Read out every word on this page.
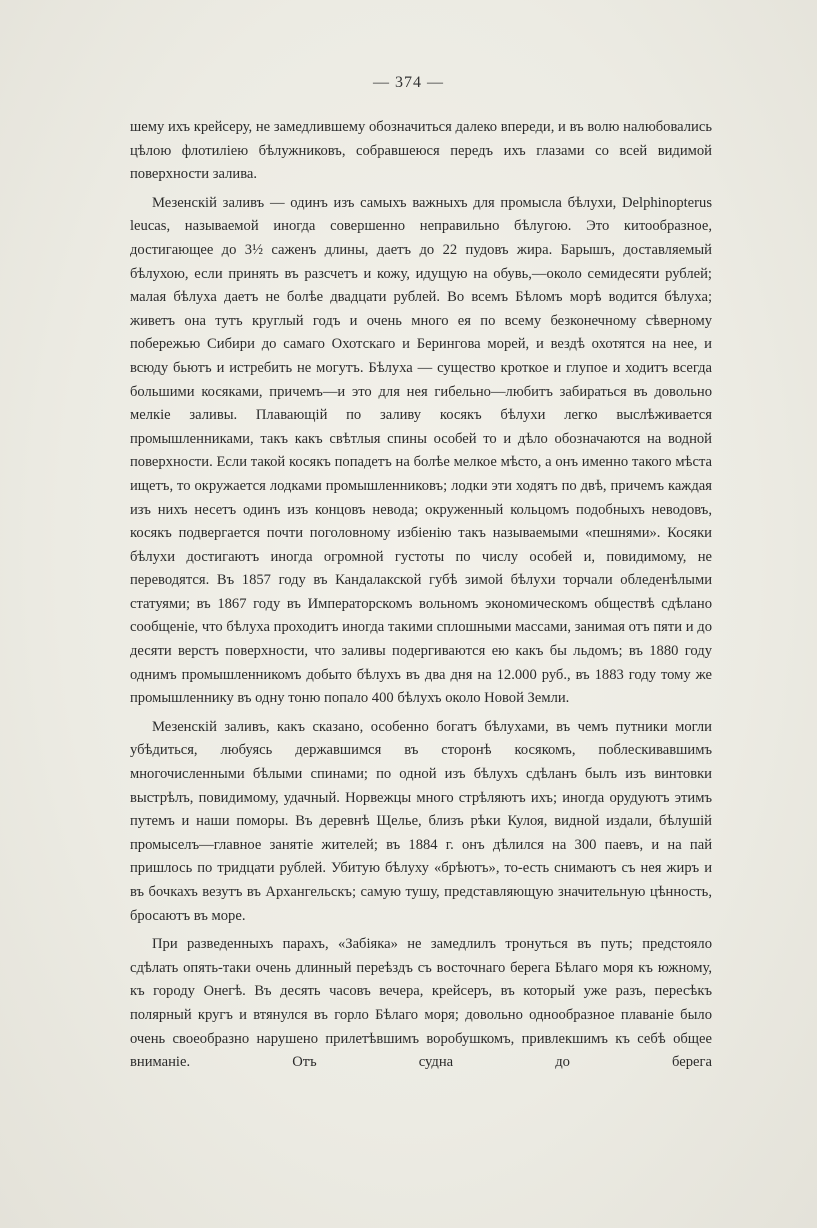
— 374 —

шему ихъ крейсеру, не замедлившему обозначиться далеко впереди, и въ волю налюбовались цѣлою флотиліею бѣлужниковъ, собравшеюся передъ ихъ глазами со всей видимой поверхности залива.

Мезенскій заливъ — одинъ изъ самыхъ важныхъ для промысла бѣлухи, Delphinopterus leucas, называемой иногда совершенно неправильно бѣлугою. Это китообразное, достигающее до 3½ саженъ длины, даетъ до 22 пудовъ жира. Барышъ, доставляемый бѣлухою, если принять въ разсчетъ и кожу, идущую на обувь,—около семидесяти рублей; малая бѣлуха даетъ не болѣе двадцати рублей. Во всемъ Бѣломъ морѣ водится бѣлуха; живетъ она тутъ круглый годъ и очень много ея по всему безконечному сѣверному побережью Сибири до самаго Охотскаго и Берингова морей, и вездѣ охотятся на нее, и всюду бьютъ и истребить не могутъ. Бѣлуха — существо кроткое и глупое и ходитъ всегда большими косяками, причемъ—и это для нея гибельно—любитъ забираться въ довольно мелкіе заливы. Плавающій по заливу косякъ бѣлухи легко выслѣживается промышленниками, такъ какъ свѣтлыя спины особей то и дѣло обозначаются на водной поверхности. Если такой косякъ попадетъ на болѣе мелкое мѣсто, а онъ именно такого мѣста ищетъ, то окружается лодками промышленниковъ; лодки эти ходятъ по двѣ, причемъ каждая изъ нихъ несетъ одинъ изъ концовъ невода; окруженный кольцомъ подобныхъ неводовъ, косякъ подвергается почти поголовному избіенію такъ называемыми «пешнями». Косяки бѣлухи достигаютъ иногда огромной густоты по числу особей и, повидимому, не переводятся. Въ 1857 году въ Кандалакской губѣ зимой бѣлухи торчали обледенѣлыми статуями; въ 1867 году въ Императорскомъ вольномъ экономическомъ обществѣ сдѣлано сообщеніе, что бѣлуха проходитъ иногда такими сплошными массами, занимая отъ пяти и до десяти верстъ поверхности, что заливы подергиваются ею какъ бы льдомъ; въ 1880 году однимъ промышленникомъ добыто бѣлухъ въ два дня на 12.000 руб., въ 1883 году тому же промышленнику въ одну тоню попало 400 бѣлухъ около Новой Земли.

Мезенскій заливъ, какъ сказано, особенно богатъ бѣлухами, въ чемъ путники могли убѣдиться, любуясь державшимся въ сторонѣ косякомъ, поблескивавшимъ многочисленными бѣлыми спинами; по одной изъ бѣлухъ сдѣланъ былъ изъ винтовки выстрѣлъ, повидимому, удачный. Норвежцы много стрѣляютъ ихъ; иногда орудуютъ этимъ путемъ и наши поморы. Въ деревнѣ Щелье, близъ рѣки Кулоя, видной издали, бѣлушій промыселъ—главное занятіе жителей; въ 1884 г. онъ дѣлился на 300 паевъ, и на пай пришлось по тридцати рублей. Убитую бѣлуху «брѣютъ», то-есть снимаютъ съ нея жиръ и въ бочкахъ везутъ въ Архангельскъ; самую тушу, представляющую значительную цѣнность, бросаютъ въ море.

При разведенныхъ парахъ, «Забіяка» не замедлилъ тронуться въ путь; предстояло сдѣлать опять-таки очень длинный переѣздъ съ восточнаго берега Бѣлаго моря къ южному, къ городу Онегѣ. Въ десять часовъ вечера, крейсеръ, въ который уже разъ, пересѣкъ полярный кругъ и втянулся въ горло Бѣлаго моря; довольно однообразное плаваніе было очень своеобразно нарушено прилетѣвшимъ воробушкомъ, привлекшимъ къ себѣ общее вниманіе. Отъ судна до берега
